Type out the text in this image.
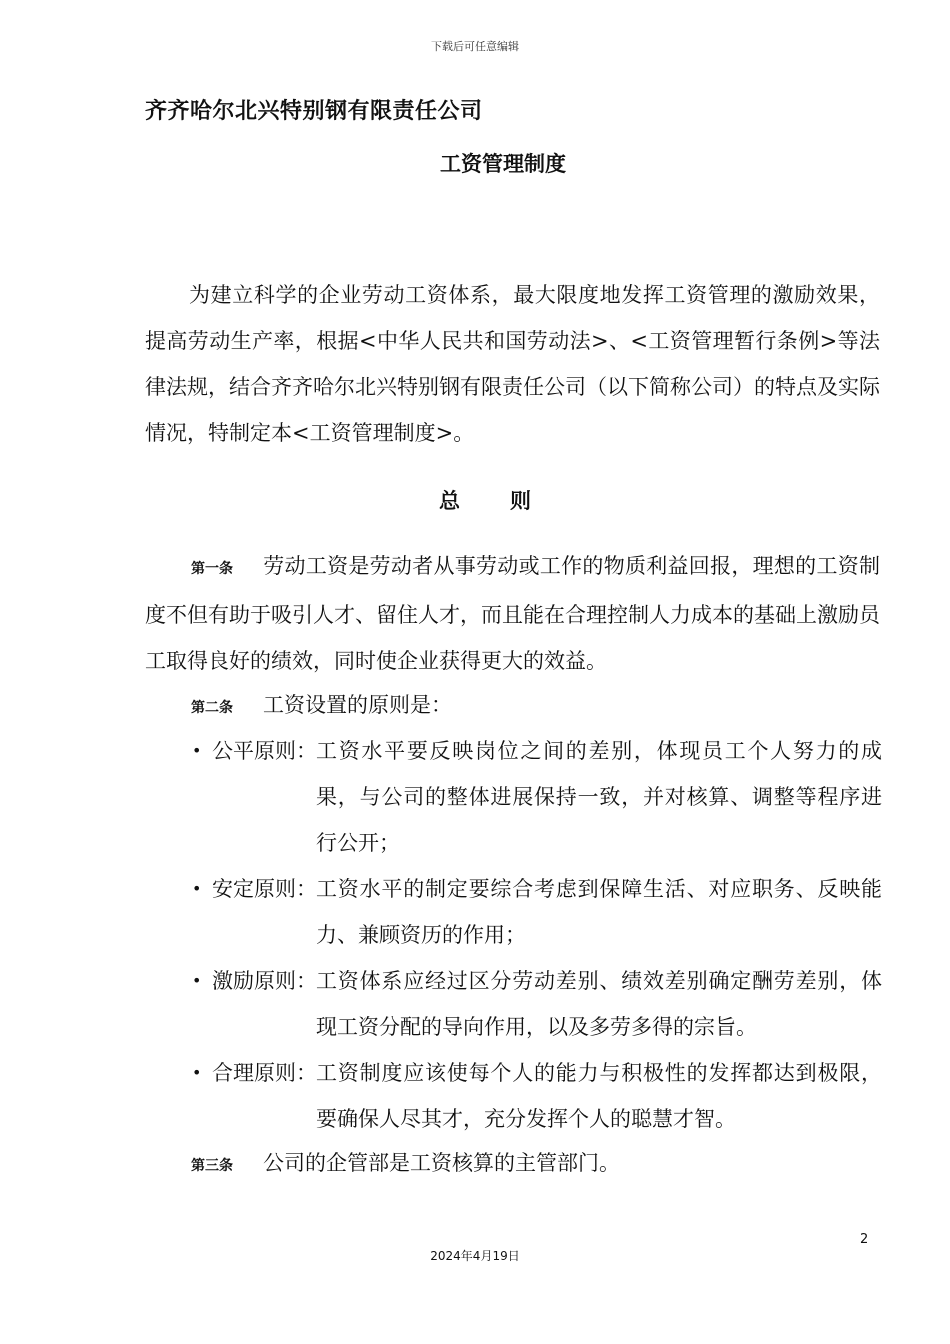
下载后可任意编辑
齐齐哈尔北兴特别钢有限责任公司
工资管理制度
为建立科学的企业劳动工资体系，最大限度地发挥工资管理的激励效果，提高劳动生产率，根据<中华人民共和国劳动法>、<工资管理暂行条例>等法律法规，结合齐齐哈尔北兴特别钢有限责任公司（以下简称公司）的特点及实际情况，特制定本<工资管理制度>。
总则
第一条 劳动工资是劳动者从事劳动或工作的物质利益回报，理想的工资制度不但有助于吸引人才、留住人才，而且能在合理控制人力成本的基础上激励员工取得良好的绩效，同时使企业获得更大的效益。
第二条 工资设置的原则是：
• 公平原则： 工资水平要反映岗位之间的差别，体现员工个人努力的成果，与公司的整体进展保持一致，并对核算、调整等程序进行公开；
• 安定原则： 工资水平的制定要综合考虑到保障生活、对应职务、反映能力、兼顾资历的作用；
• 激励原则： 工资体系应经过区分劳动差别、绩效差别确定酬劳差别，体现工资分配的导向作用，以及多劳多得的宗旨。
• 合理原则： 工资制度应该使每个人的能力与积极性的发挥都达到极限，要确保人尽其才，充分发挥个人的聪慧才智。
第三条 公司的企管部是工资核算的主管部门。
2
2024年4月19日
